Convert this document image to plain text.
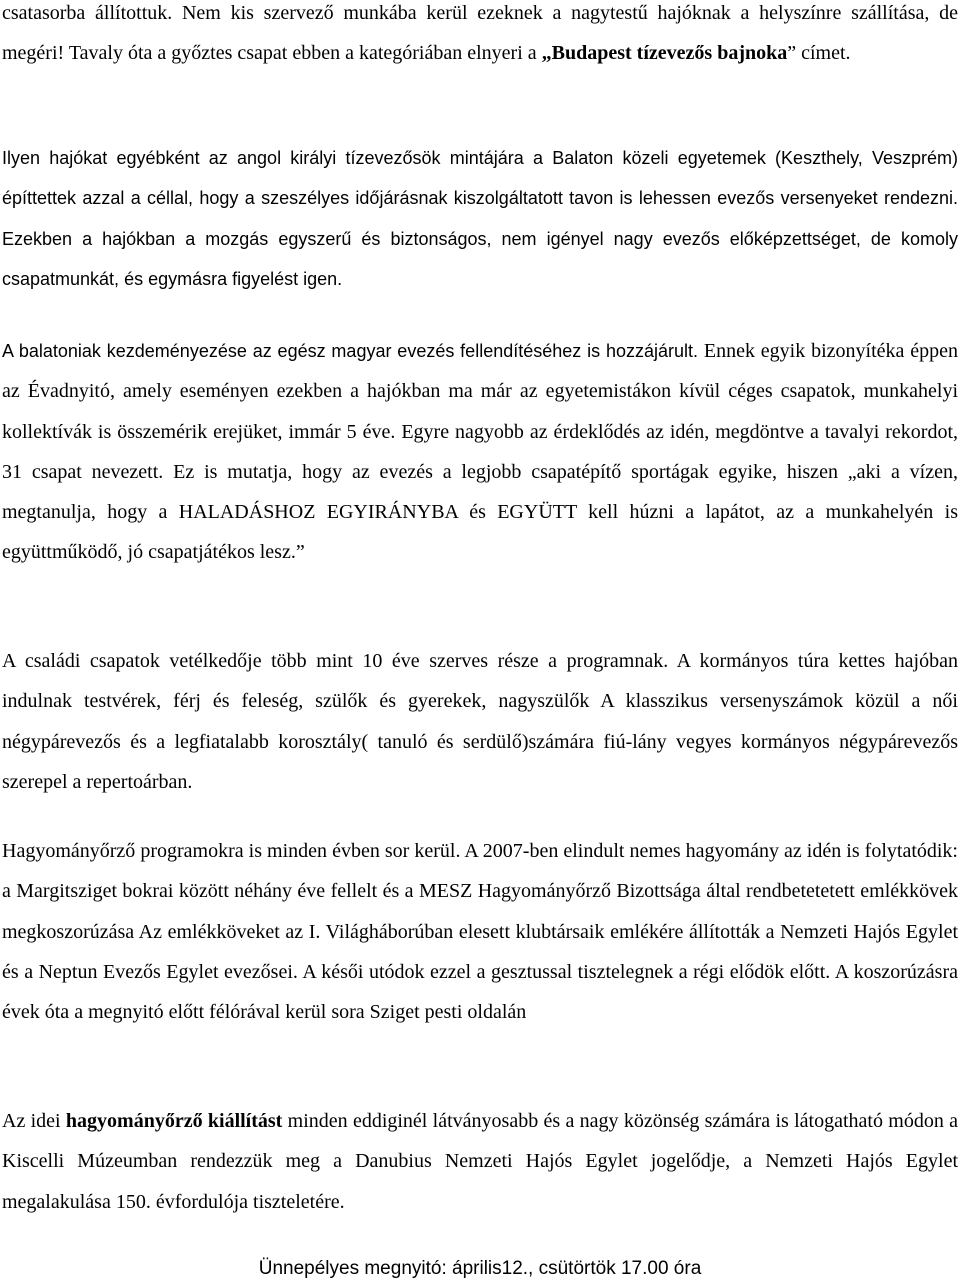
csatasorba állítottuk. Nem kis szervező munkába kerül ezeknek a nagytestű hajóknak a helyszínre szállítása, de megéri! Tavaly óta a győztes csapat ebben a kategóriában elnyeri a „Budapest tízevezős bajnoka” címet.

Ilyen hajókat egyébként az angol királyi tízevezősök mintájára a Balaton közeli egyetemek (Keszthely, Veszprém) építtettek azzal a céllal, hogy a szeszélyes időjárásnak kiszolgáltatott tavon is lehessen evezős versenyeket rendezni. Ezekben a hajókban a mozgás egyszerű és biztonságos, nem igényel nagy evezős előképzettséget, de komoly csapatmunkát, és egymásra figyelést igen.

A balatoniak kezdeményezése az egész magyar evezés fellendítéséhez is hozzájárult. Ennek egyik bizonyítéka éppen az Évadnyitó, amely eseményen ezekben a hajókban ma már az egyetemistákon kívül céges csapatok, munkahelyi kollektívák is összemérik erejüket, immár 5 éve. Egyre nagyobb az érdeklődés az idén, megdöntve a tavalyi rekordot, 31 csapat nevezett. Ez is mutatja, hogy az evezés a legjobb csapatépítő sportágak egyike, hiszen „aki a vízen, megtanulja, hogy a HALADÁSHOZ EGYIRÁNYBA és EGYÜTT kell húzni a lapátot, az a munkahelyén is együttműködő, jó csapatjátékos lesz.”

A családi csapatok vetélkedője több mint 10 éve szerves része a programnak. A kormányos túra kettes hajóban indulnak testvérek, férj és feleség, szülők és gyerekek, nagyszülők A klasszikus versenyszámok közül a női négypárevezős és a legfiatalabb korosztály( tanuló és serdülő)számára fiú-lány vegyes kormányos négypárevezős szerepel a repertoárban.

Hagyományőrző programokra is minden évben sor kerül. A 2007-ben elindult nemes hagyomány az idén is folytatódik: a Margitsziget bokrai között néhány éve fellelt és a MESZ Hagyományőrző Bizottsága által rendbetetetett emlékkövek megkoszorúzása Az emlékköveket az I. Világháborúban elesett klubtársaik emlékére állították a Nemzeti Hajós Egylet és a Neptun Evezős Egylet evezősei. A késői utódok ezzel a gesztussal tisztelegnek a régi elődök előtt. A koszorúzásra évek óta a megnyitó előtt félórával kerül sora Sziget pesti oldalán

Az idei hagyományőrző kiállítást minden eddiginél látványosabb és a nagy közönség számára is látogatható módon a Kiscelli Múzeumban rendezzük meg a Danubius Nemzeti Hajós Egylet jogelődje, a Nemzeti Hajós Egylet megalakulása 150. évfordulója tiszteletére.

Ünnepélyes megnyitó: április12., csütörtök 17.00 óra
